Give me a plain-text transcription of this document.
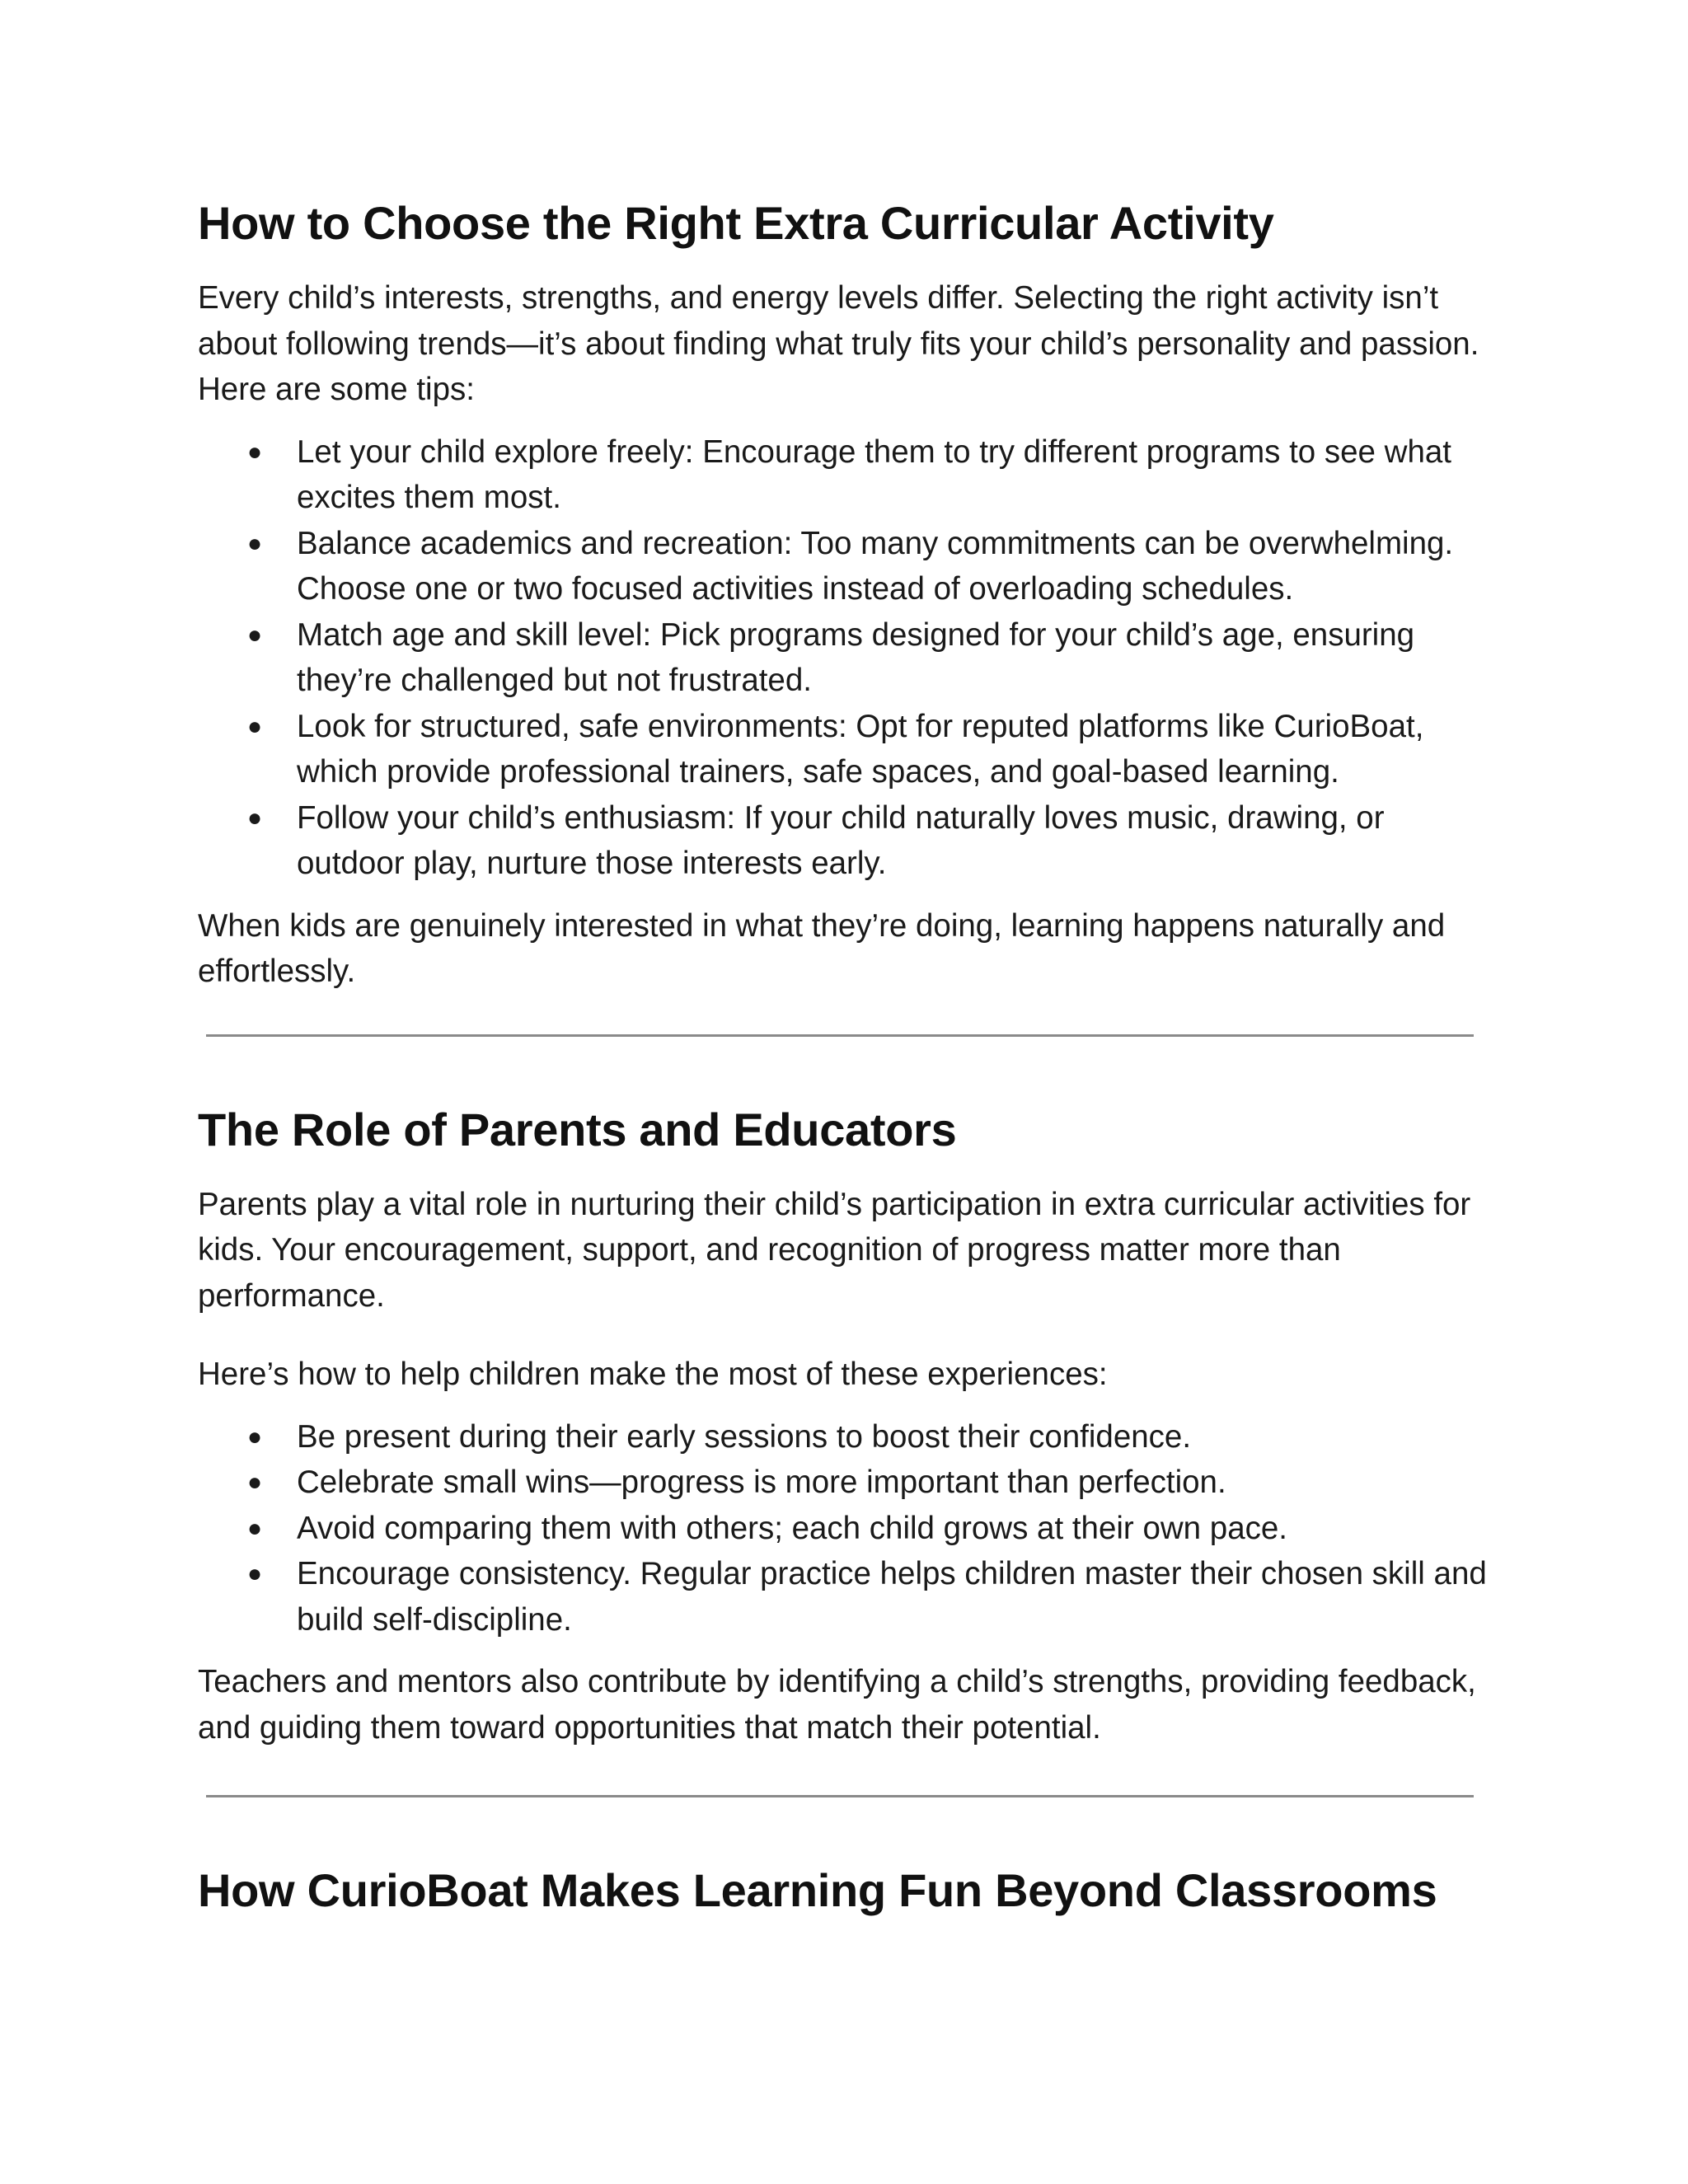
How to Choose the Right Extra Curricular Activity

Every child’s interests, strengths, and energy levels differ. Selecting the right activity isn’t about following trends—it’s about finding what truly fits your child’s personality and passion. Here are some tips:

● Let your child explore freely: Encourage them to try different programs to see what excites them most.
● Balance academics and recreation: Too many commitments can be overwhelming. Choose one or two focused activities instead of overloading schedules.
● Match age and skill level: Pick programs designed for your child’s age, ensuring they’re challenged but not frustrated.
● Look for structured, safe environments: Opt for reputed platforms like CurioBoat, which provide professional trainers, safe spaces, and goal-based learning.
● Follow your child’s enthusiasm: If your child naturally loves music, drawing, or outdoor play, nurture those interests early.

When kids are genuinely interested in what they’re doing, learning happens naturally and effortlessly.

The Role of Parents and Educators

Parents play a vital role in nurturing their child’s participation in extra curricular activities for kids. Your encouragement, support, and recognition of progress matter more than performance.

Here’s how to help children make the most of these experiences:

● Be present during their early sessions to boost their confidence.
● Celebrate small wins—progress is more important than perfection.
● Avoid comparing them with others; each child grows at their own pace.
● Encourage consistency. Regular practice helps children master their chosen skill and build self-discipline.

Teachers and mentors also contribute by identifying a child’s strengths, providing feedback, and guiding them toward opportunities that match their potential.

How CurioBoat Makes Learning Fun Beyond Classrooms
